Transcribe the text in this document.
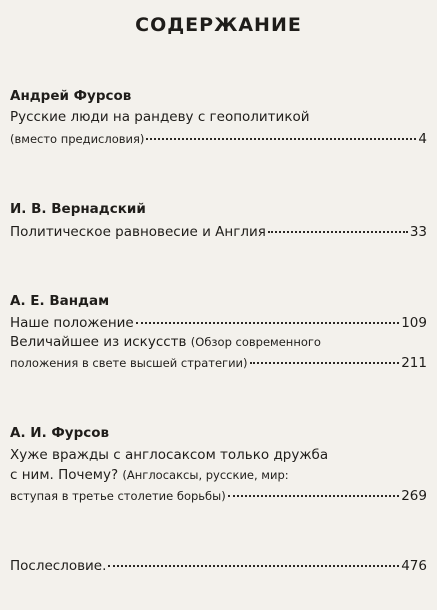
СОДЕРЖАНИЕ
Андрей Фурсов
Русские люди на рандеву с геополитикой
(вместо предисловия)	4
И. В. Вернадский
Политическое равновесие и Англия	33
А. Е. Вандам
Наше положение	109
Величайшее из искусств
(Обзор современного
положения в свете высшей стратегии)	211
А. И. Фурсов
Хуже вражды с англосаксом только дружба
с ним. Почему?
(Англосаксы, русские, мир:
вступая в третье столетие борьбы)	269
Послесловие.	476
